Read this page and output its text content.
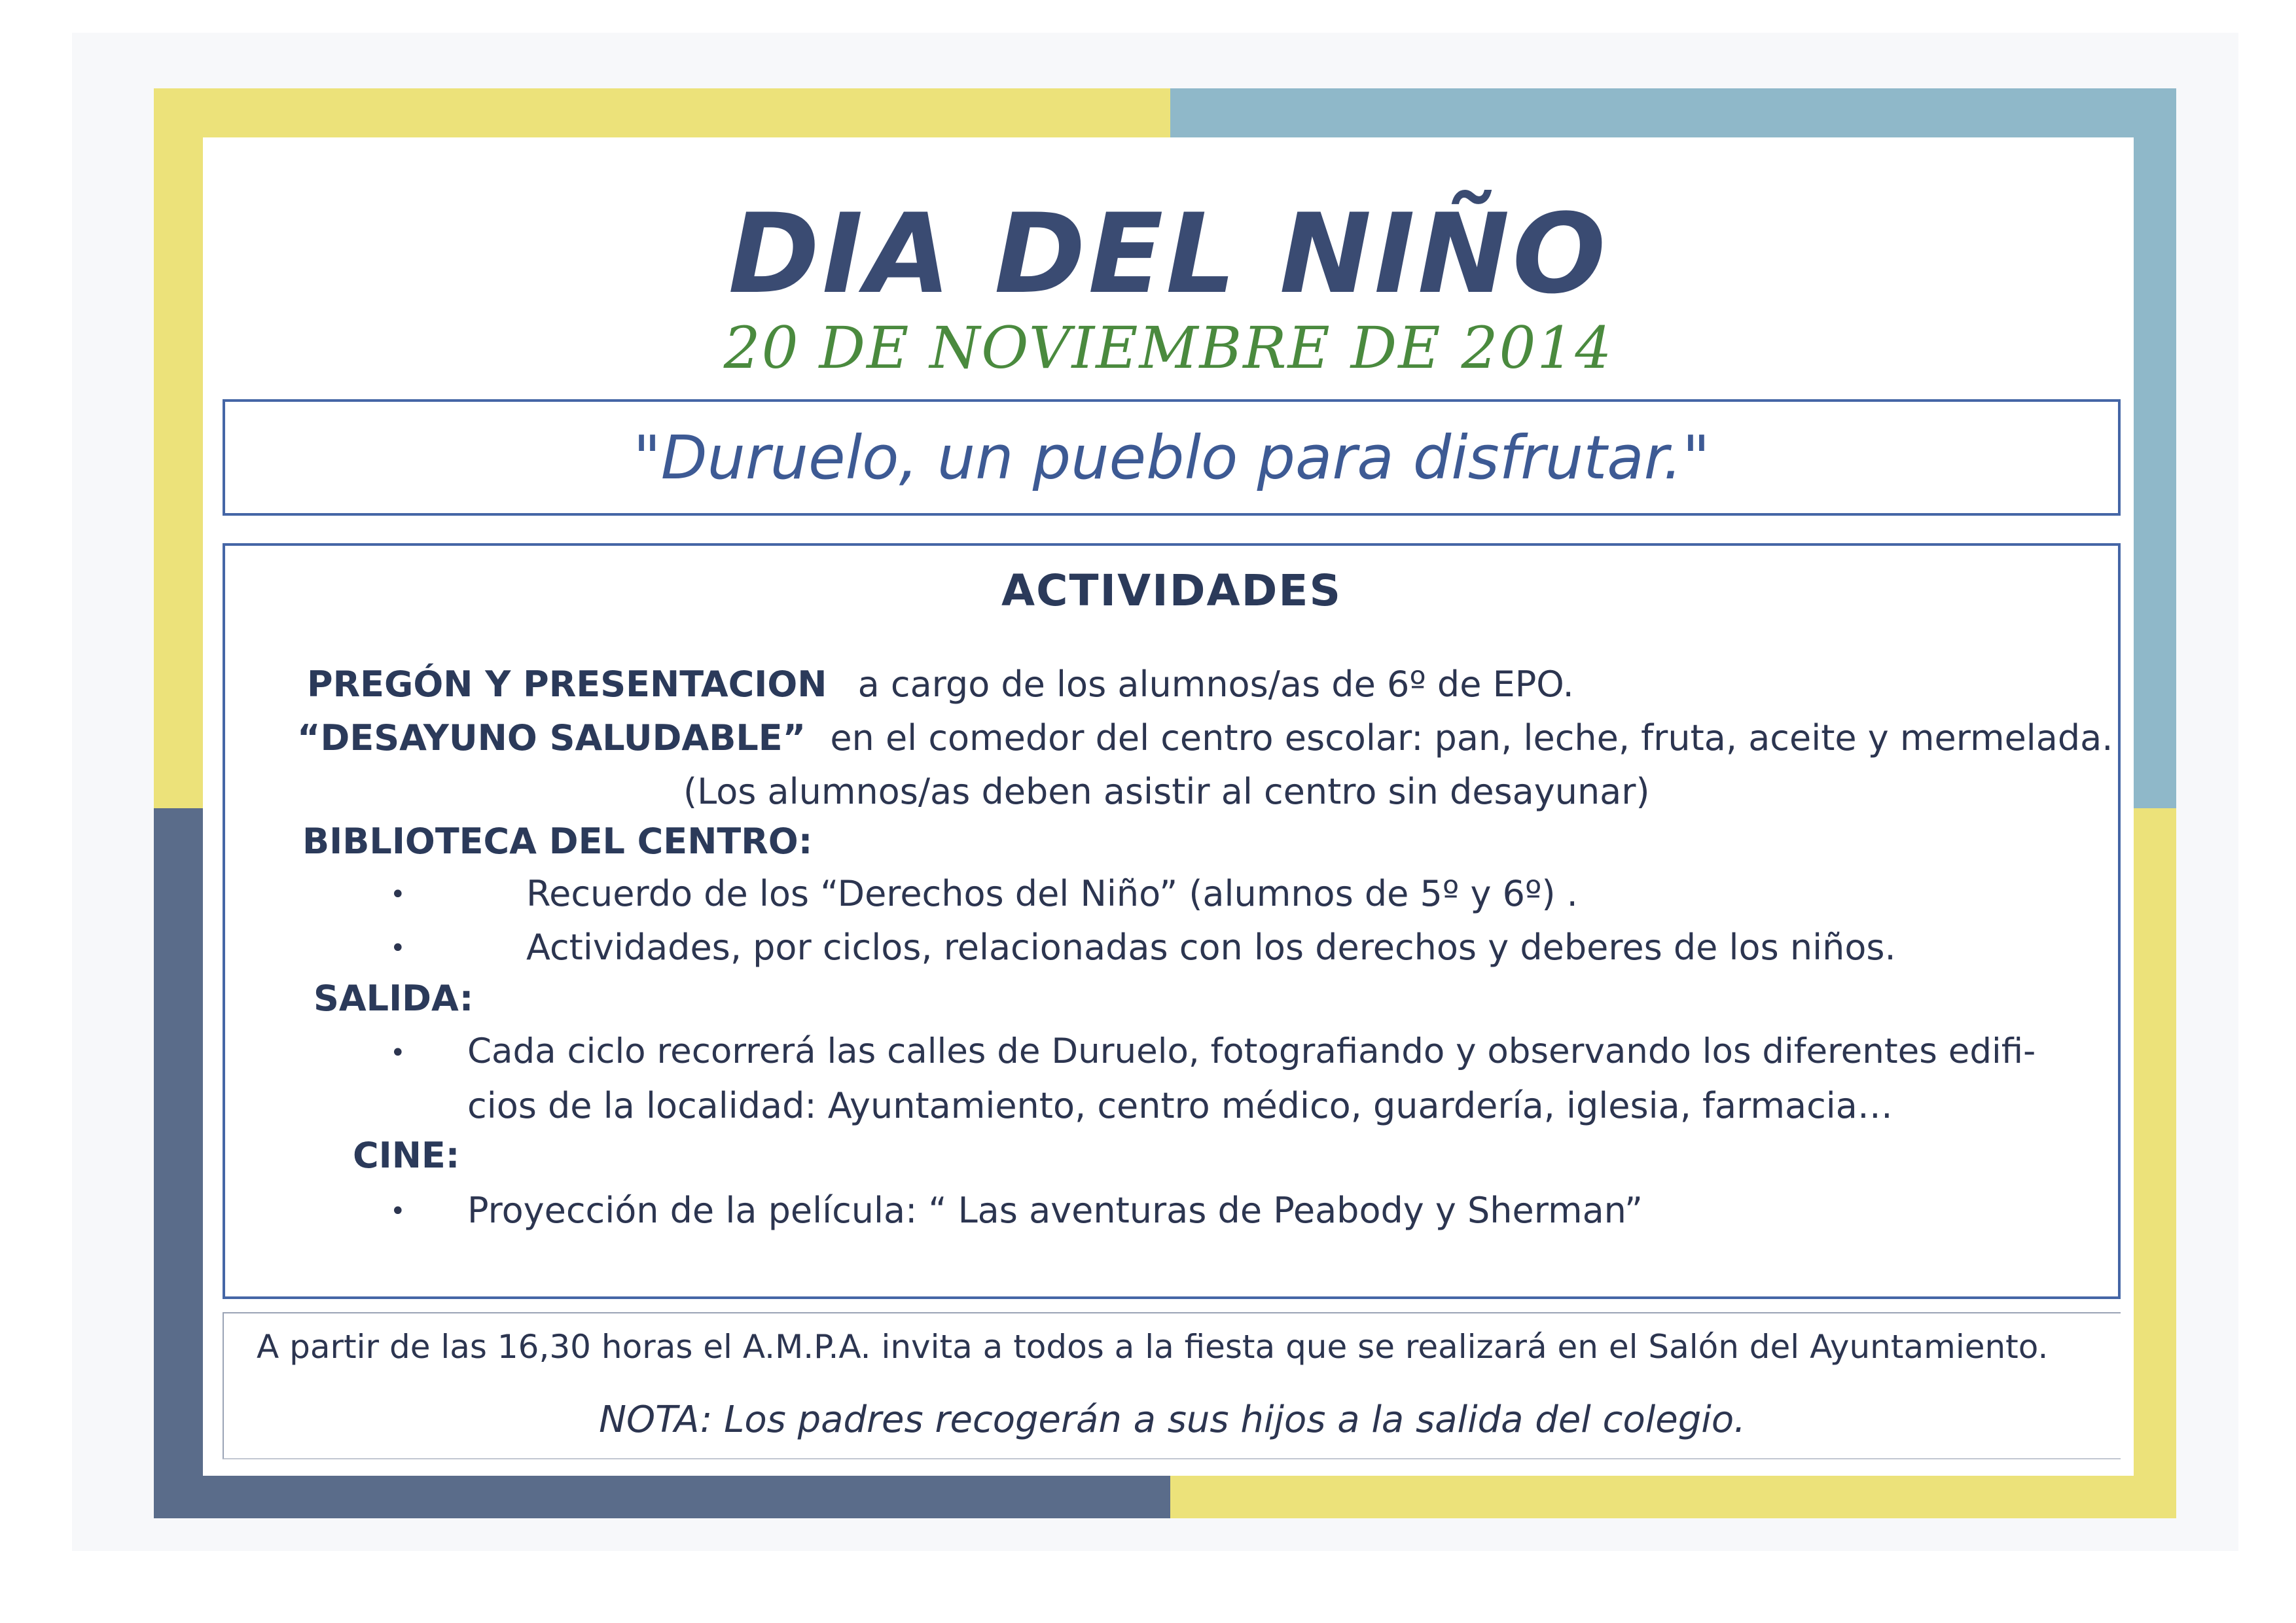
DIA DEL NIÑO
20 DE NOVIEMBRE DE 2014
"Duruelo, un pueblo para disfrutar."
ACTIVIDADES
PREGÓN Y PRESENTACION a cargo de los alumnos/as de 6º de EPO.
“DESAYUNO SALUDABLE” en el comedor del centro escolar: pan, leche, fruta, aceite y mermelada.
(Los alumnos/as deben asistir al centro sin desayunar)
BIBLIOTECA DEL CENTRO:
•	Recuerdo de los “Derechos del Niño” (alumnos de 5º y 6º) .
•	Actividades, por ciclos, relacionadas con los derechos y deberes de los niños.
SALIDA:
• Cada ciclo recorrerá las calles de Duruelo, fotografiando y observando los diferentes edifi-
cios de la localidad: Ayuntamiento, centro médico, guardería, iglesia, farmacia…
CINE:
• Proyección de la película: “ Las aventuras de Peabody y Sherman”
A partir de las 16,30 horas el A.M.P.A. invita a todos a la fiesta que se realizará en el Salón del Ayuntamiento.
NOTA: Los padres recogerán a sus hijos a la salida del colegio.
